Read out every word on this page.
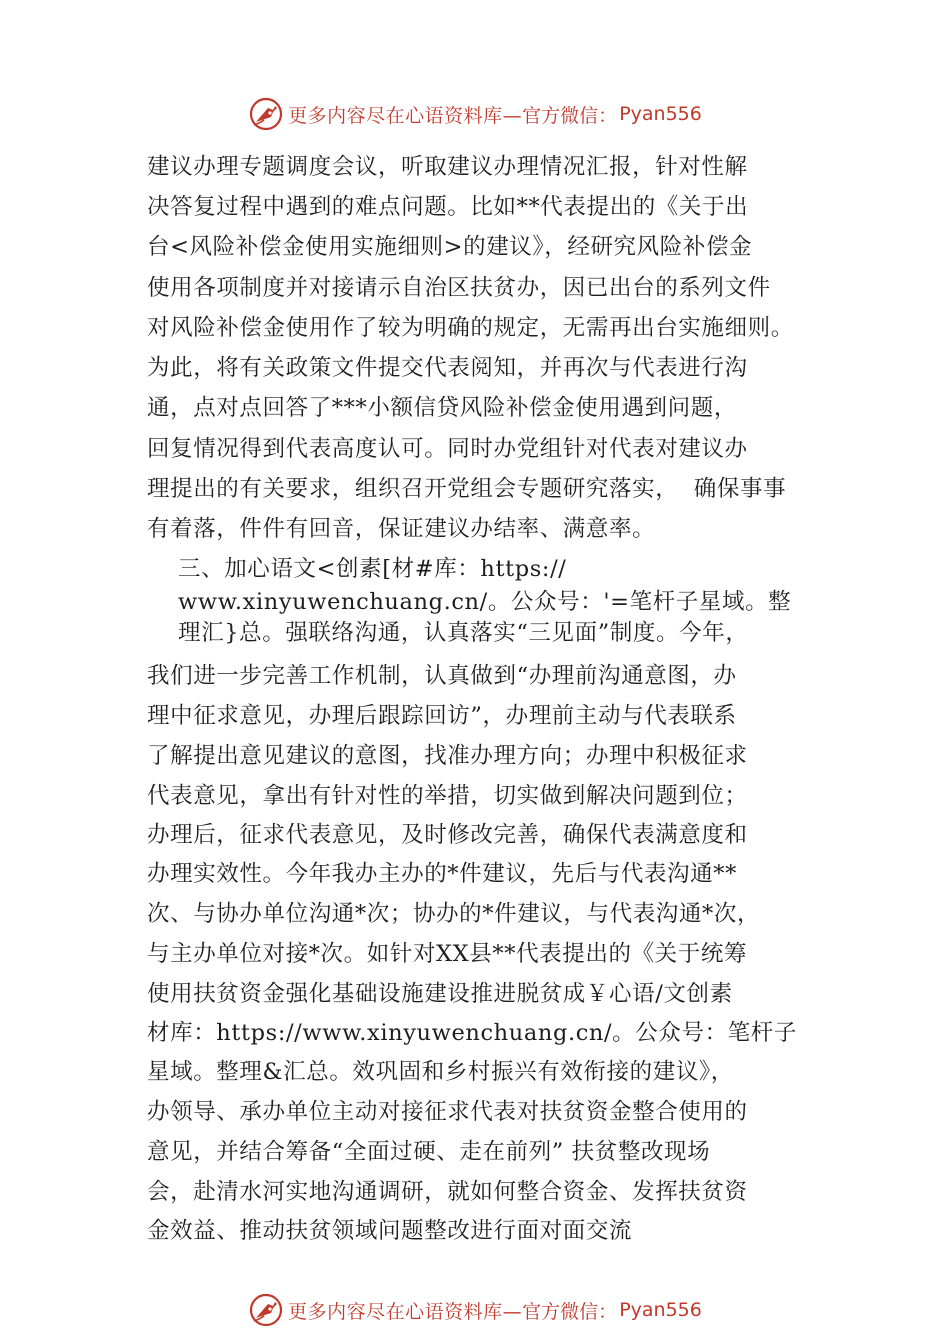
更多内容尽在心语资料库— 官方微信： Pyan556
建议办理专题调度会议，听取建议办理情况汇报，针对性解
决答复过程中遇到的难点问题。比如**代表提出的《关于出
台<风险补偿金使用实施细则>的建议》，经研究风险补偿金
使用各项制度并对接请示自治区扶贫办，因已出台的系列文件
对风险补偿金使用作了较为明确的规定，无需再出台实施细则。
为此，将有关政策文件提交代表阅知，并再次与代表进行沟
通，点对点回答了***小额信贷风险补偿金使用遇到问题，
回复情况得到代表高度认可。同时办党组针对代表对建议办
理提出的有关要求，组织召开党组会专题研究落实，  确保事事
有着落，件件有回音，保证建议办结率、满意率。
三、加心语文<创素[材#库：https://
www.xinyuwenchuang.cn/。公众号：'=笔杆子星域。整
理汇}总。强联络沟通，认真落实“三见面”制度。今年，
我们进一步完善工作机制，认真做到“办理前沟通意图，办
理中征求意见，办理后跟踪回访”，办理前主动与代表联系
了解提出意见建议的意图，找准办理方向；办理中积极征求
代表意见，拿出有针对性的举措，切实做到解决问题到位；
办理后，征求代表意见，及时修改完善，确保代表满意度和
办理实效性。今年我办主办的*件建议，先后与代表沟通**
次、与协办单位沟通*次；协办的*件建议，与代表沟通*次，
与主办单位对接*次。如针对XX县**代表提出的《关于统筹
使用扶贫资金强化基础设施建设推进脱贫成￥心语/文创素
材库：https://www.xinyuwenchuang.cn/。公众号：笔杆子
星域。整理&汇总。效巩固和乡村振兴有效衔接的建议》，
办领导、承办单位主动对接征求代表对扶贫资金整合使用的
意见，并结合筹备“全面过硬、走在前列” 扶贫整改现场
会，赴清水河实地沟通调研，就如何整合资金、发挥扶贫资
金效益、推动扶贫领域问题整改进行面对面交流
更多内容尽在心语资料库— 官方微信： Pyan556
